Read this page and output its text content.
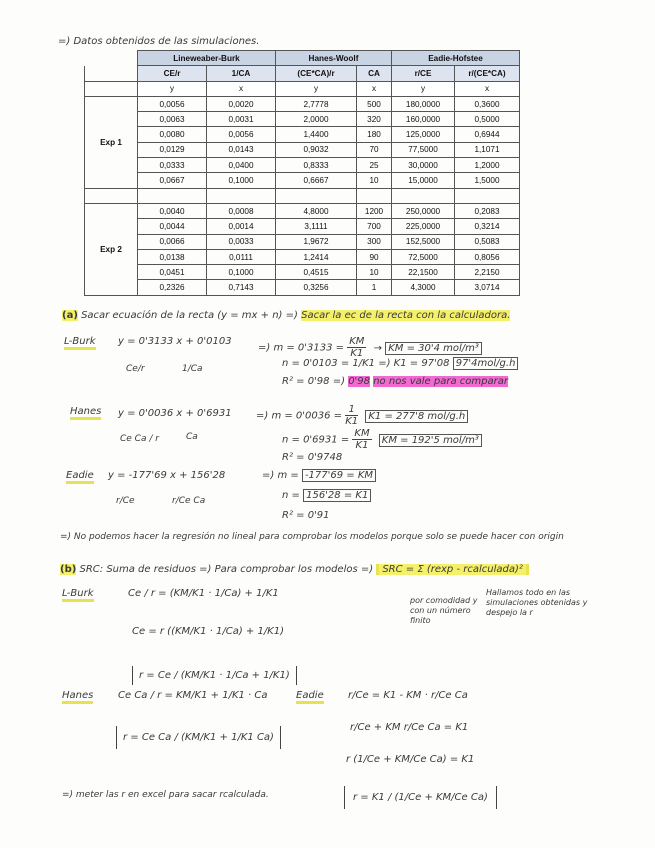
=) Datos obtenidos de las simulaciones.
	Lineweaber-Burk		Hanes-Woolf		Eadie-Hofstee	
	CE/r	1/CA	(CE*CA)/r	CA	r/CE	r/(CE*CA)
	y	x	y	x	y	x
Exp 1	0,0056	0,0020	2,7778	500	180,0000	0,3600
	0,0063	0,0031	2,0000	320	160,0000	0,5000
	0,0080	0,0056	1,4400	180	125,0000	0,6944
	0,0129	0,0143	0,9032	70	77,5000	1,1071
	0,0333	0,0400	0,8333	25	30,0000	1,2000
	0,0667	0,1000	0,6667	10	15,0000	1,5000

Exp 2	0,0040	0,0008	4,8000	1200	250,0000	0,2083
	0,0044	0,0014	3,1111	700	225,0000	0,3214
	0,0066	0,0033	1,9672	300	152,5000	0,5083
	0,0138	0,0111	1,2414	90	72,5000	0,8056
	0,0451	0,1000	0,4515	10	22,1500	2,2150
	0,2326	0,7143	0,3256	1	4,3000	3,0714
(a) Sacar ecuación de la recta (y = mx + n) =) Sacar la ec de la recta con la calculadora.
L-Burk y = 0'3133 x + 0'0103
Ce/r	1/Ca
=) $m = 0'3133 = \frac{KM}{K1}$ → KM = 30'4 mol/m³
n = 0'0103 = 1/K1 =) K1 = 97'08 97'4mol/g.h
R² = 0'98 =) 0'98 no nos vale para comparar
Hanes y = 0'0036 x + 0'6931
Ce Ca / r	Ca
=) $m = 0'0036 = \frac{1}{K1} K1 = 277'8$ mol/g.h
$n = 0'6931 = \frac{KM}{K1}$ KM = 192'5 mol/m³
R² = 0'9748
Eadie y = -177'69 x + 156'28
r/Ce	r/Ce Ca
=) m = -177'69 = KM
n = 156'28 = K1
R² = 0'91
=) No podemos hacer la regresión no lineal para comprobar los modelos porque solo se puede hacer con origin
(b) SRC: Suma de residuos =) Para comprobar los modelos =) SRC = Σ (rexp - rcalculada)²
por comodidad y con un número finito
Hallamos todo en las simulaciones obtenidas y despejo la r
L-Burk	Ce / r = (KM/K1 · 1/Ca) + 1/K1
Ce = r ((KM/K1 · 1/Ca) + 1/K1)
r = Ce / (KM/K1 · 1/Ca + 1/K1)
Hanes Ce Ca / r = KM/K1 + 1/K1 · Ca
r = Ce Ca / (KM/K1 + 1/K1 Ca)
Eadie r/Ce = K1 - KM · r/Ce Ca
r/Ce + KM r/Ce Ca = K1
r (1/Ce + KM/Ce Ca) = K1
r = K1 / (1/Ce + KM/Ce Ca)
=) meter las r en excel para sacar rcalculada.
